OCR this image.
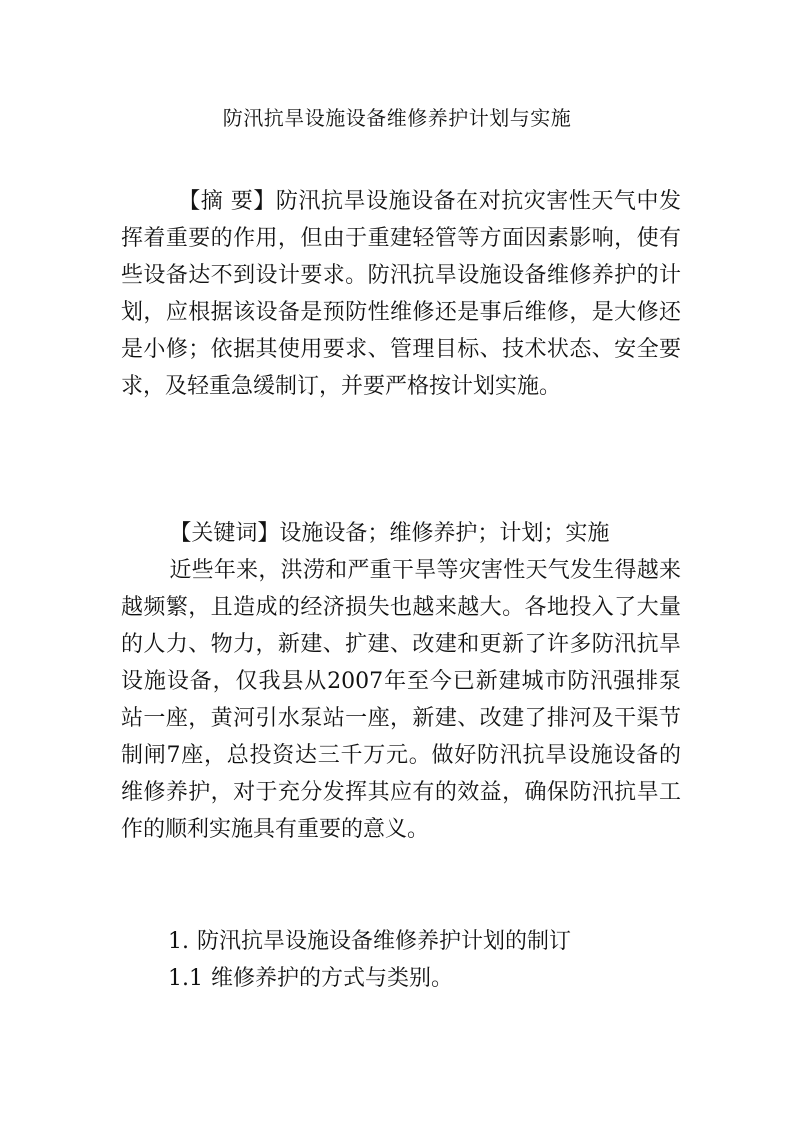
防汛抗旱设施设备维修养护计划与实施

【摘 要】防汛抗旱设施设备在对抗灾害性天气中发挥着重要的作用，但由于重建轻管等方面因素影响，使有些设备达不到设计要求。防汛抗旱设施设备维修养护的计划，应根据该设备是预防性维修还是事后维修，是大修还是小修；依据其使用要求、管理目标、技术状态、安全要求，及轻重急缓制订，并要严格按计划实施。

【关键词】设施设备；维修养护；计划；实施

近些年来，洪涝和严重干旱等灾害性天气发生得越来越频繁，且造成的经济损失也越来越大。各地投入了大量的人力、物力，新建、扩建、改建和更新了许多防汛抗旱设施设备，仅我县从2007年至今已新建城市防汛强排泵站一座，黄河引水泵站一座，新建、改建了排河及干渠节制闸7座，总投资达三千万元。做好防汛抗旱设施设备的维修养护，对于充分发挥其应有的效益，确保防汛抗旱工作的顺利实施具有重要的意义。

1. 防汛抗旱设施设备维修养护计划的制订

1.1 维修养护的方式与类别。
